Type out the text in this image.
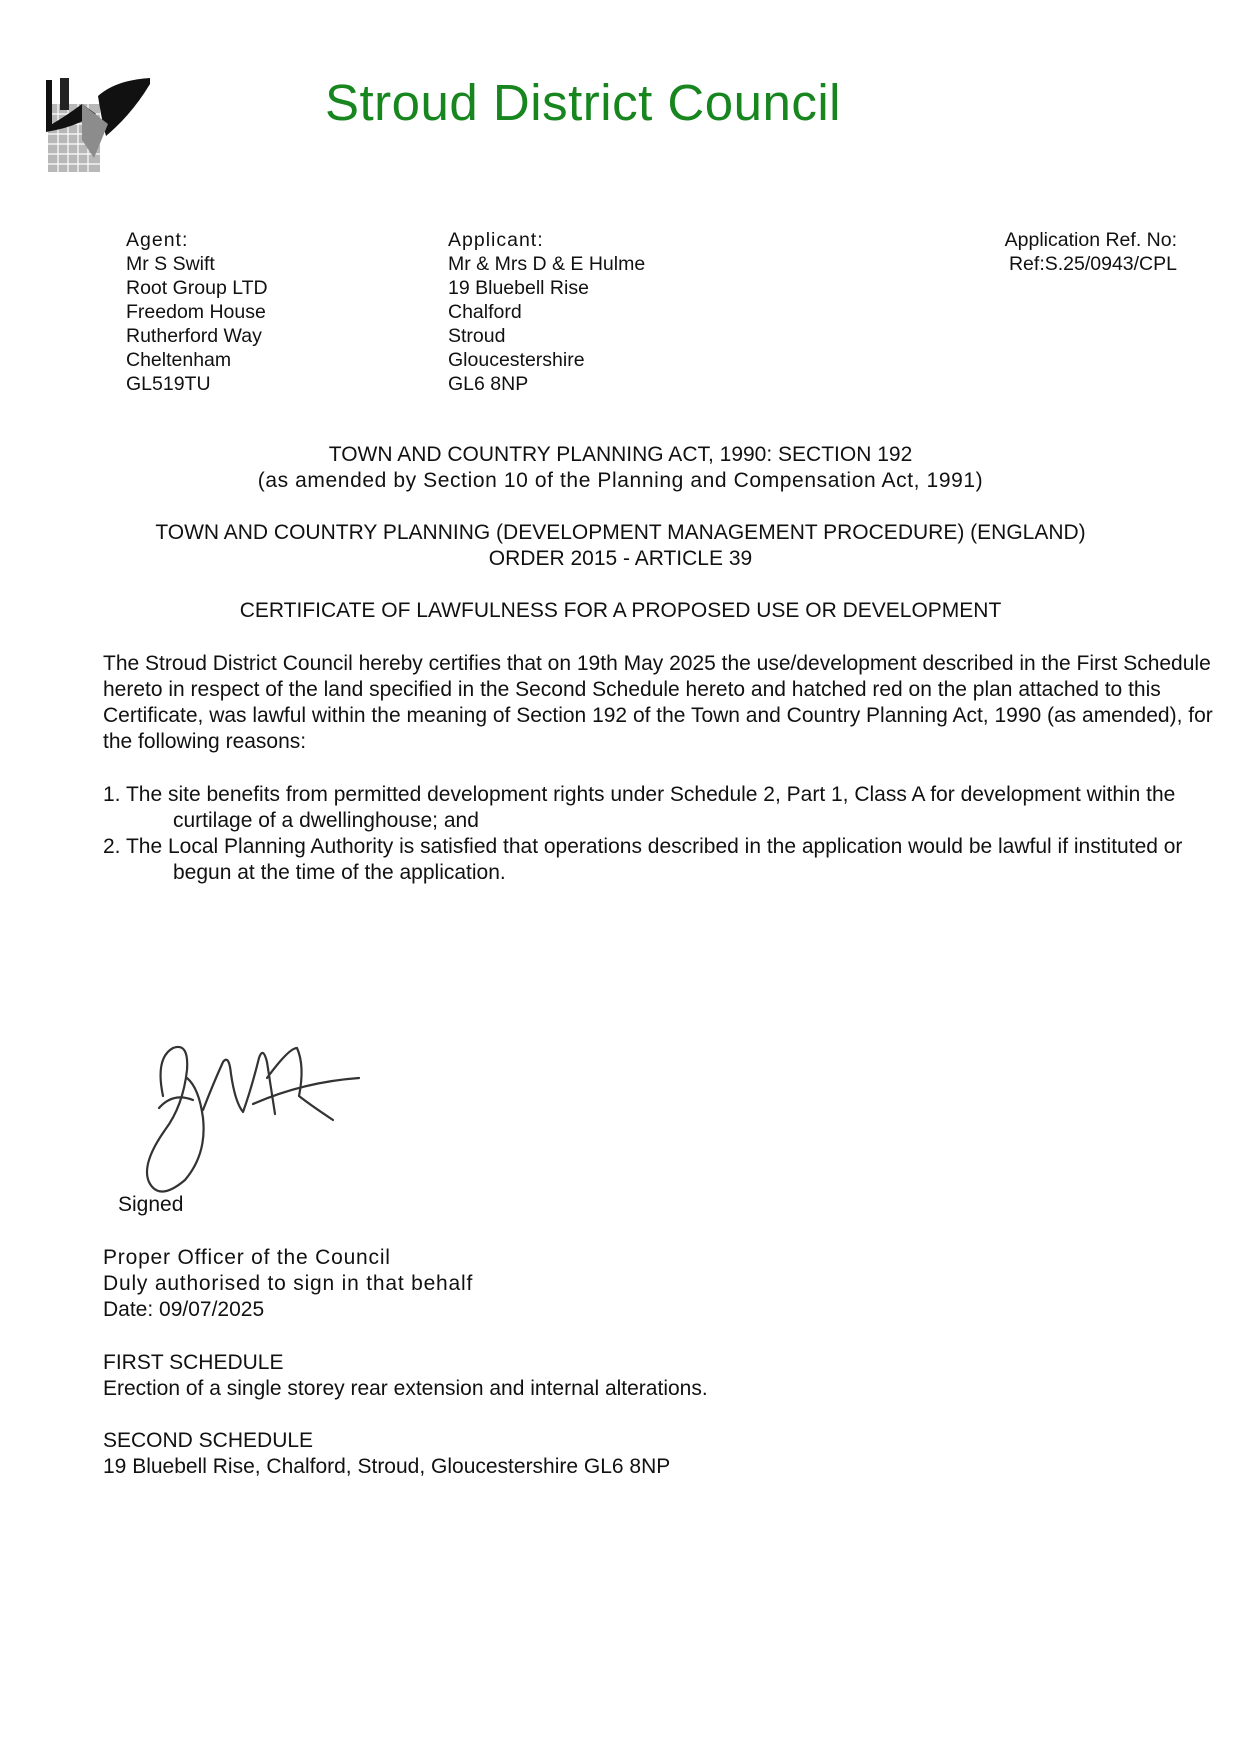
Stroud District Council
Agent:
Mr S Swift
Root Group LTD
Freedom House
Rutherford Way
Cheltenham
GL519TU
Applicant:
Mr & Mrs D & E Hulme
19 Bluebell Rise
Chalford
Stroud
Gloucestershire
GL6 8NP
Application Ref. No:
Ref:S.25/0943/CPL
TOWN AND COUNTRY PLANNING ACT, 1990: SECTION 192
(as amended by Section 10 of the Planning and Compensation Act, 1991)
TOWN AND COUNTRY PLANNING (DEVELOPMENT MANAGEMENT PROCEDURE) (ENGLAND)
ORDER 2015 - ARTICLE 39
CERTIFICATE OF LAWFULNESS FOR A PROPOSED USE OR DEVELOPMENT
The Stroud District Council hereby certifies that on 19th May 2025 the use/development described in the First Schedule hereto in respect of the land specified in the Second Schedule hereto and hatched red on the plan attached to this Certificate, was lawful within the meaning of Section 192 of the Town and Country Planning Act, 1990 (as amended), for the following reasons:
1. The site benefits from permitted development rights under Schedule 2, Part 1, Class A for development within the curtilage of a dwellinghouse; and
2. The Local Planning Authority is satisfied that operations described in the application would be lawful if instituted or begun at the time of the application.
Signed
Proper Officer of the Council
Duly authorised to sign in that behalf
Date: 09/07/2025
FIRST SCHEDULE
Erection of a single storey rear extension and internal alterations.
SECOND SCHEDULE
19 Bluebell Rise, Chalford, Stroud, Gloucestershire GL6 8NP
